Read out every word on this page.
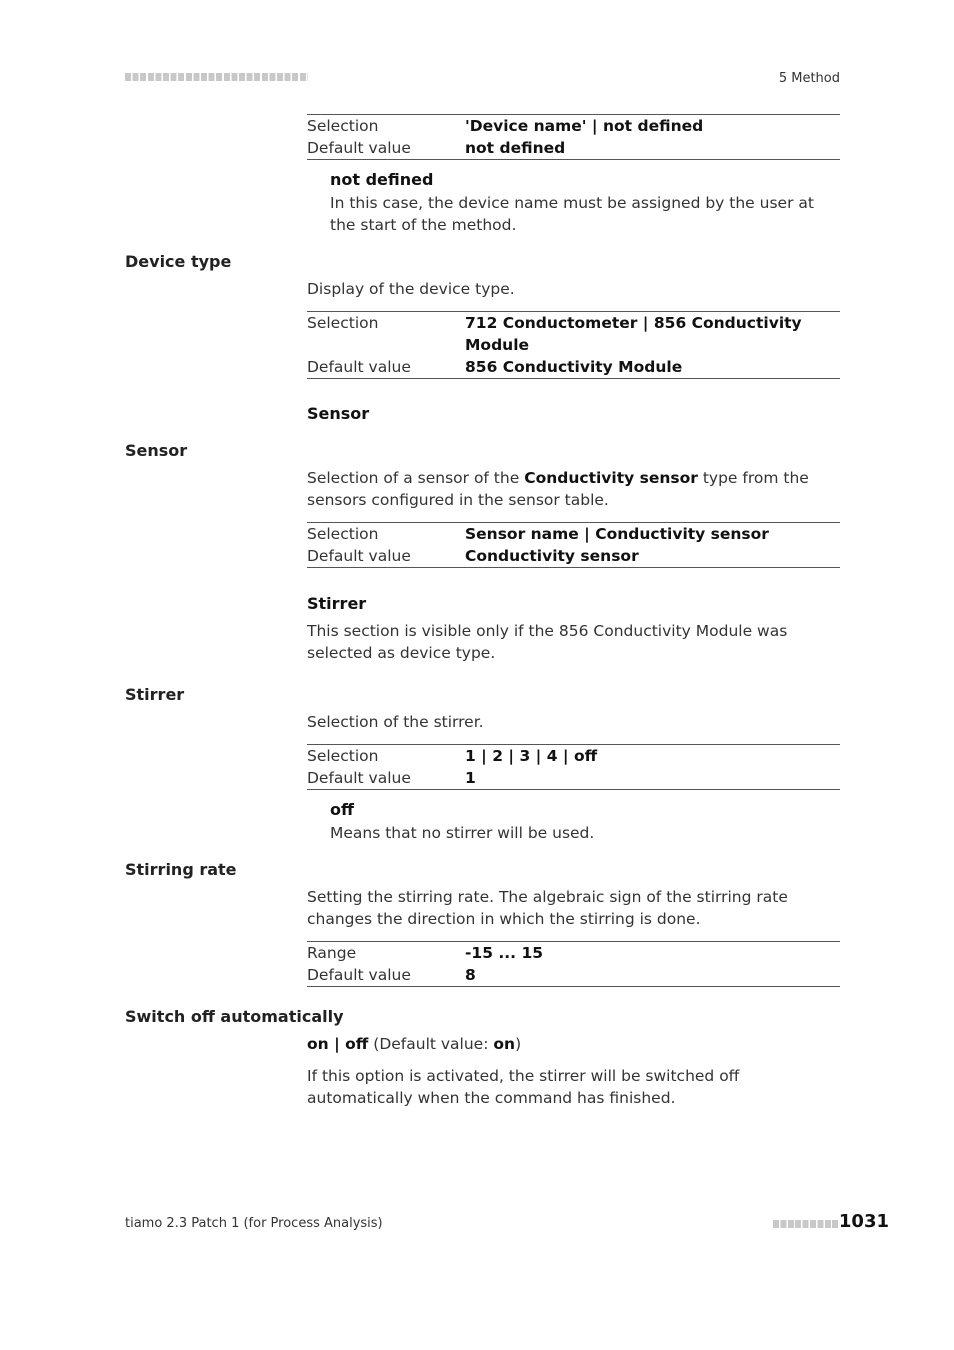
5 Method
Selection	'Device name' | not defined
Default value	not defined
not defined
In this case, the device name must be assigned by the user at the start of the method.
Device type
Display of the device type.
Selection	712 Conductometer | 856 Conductivity Module
Default value	856 Conductivity Module
Sensor
Sensor
Selection of a sensor of the Conductivity sensor type from the sensors configured in the sensor table.
Selection	Sensor name | Conductivity sensor
Default value	Conductivity sensor
Stirrer
This section is visible only if the 856 Conductivity Module was selected as device type.
Stirrer
Selection of the stirrer.
Selection	1 | 2 | 3 | 4 | off
Default value	1
off
Means that no stirrer will be used.
Stirring rate
Setting the stirring rate. The algebraic sign of the stirring rate changes the direction in which the stirring is done.
Range	-15 ... 15
Default value	8
Switch off automatically
on | off (Default value: on)
If this option is activated, the stirrer will be switched off automatically when the command has finished.
tiamo 2.3 Patch 1 (for Process Analysis)	1031
